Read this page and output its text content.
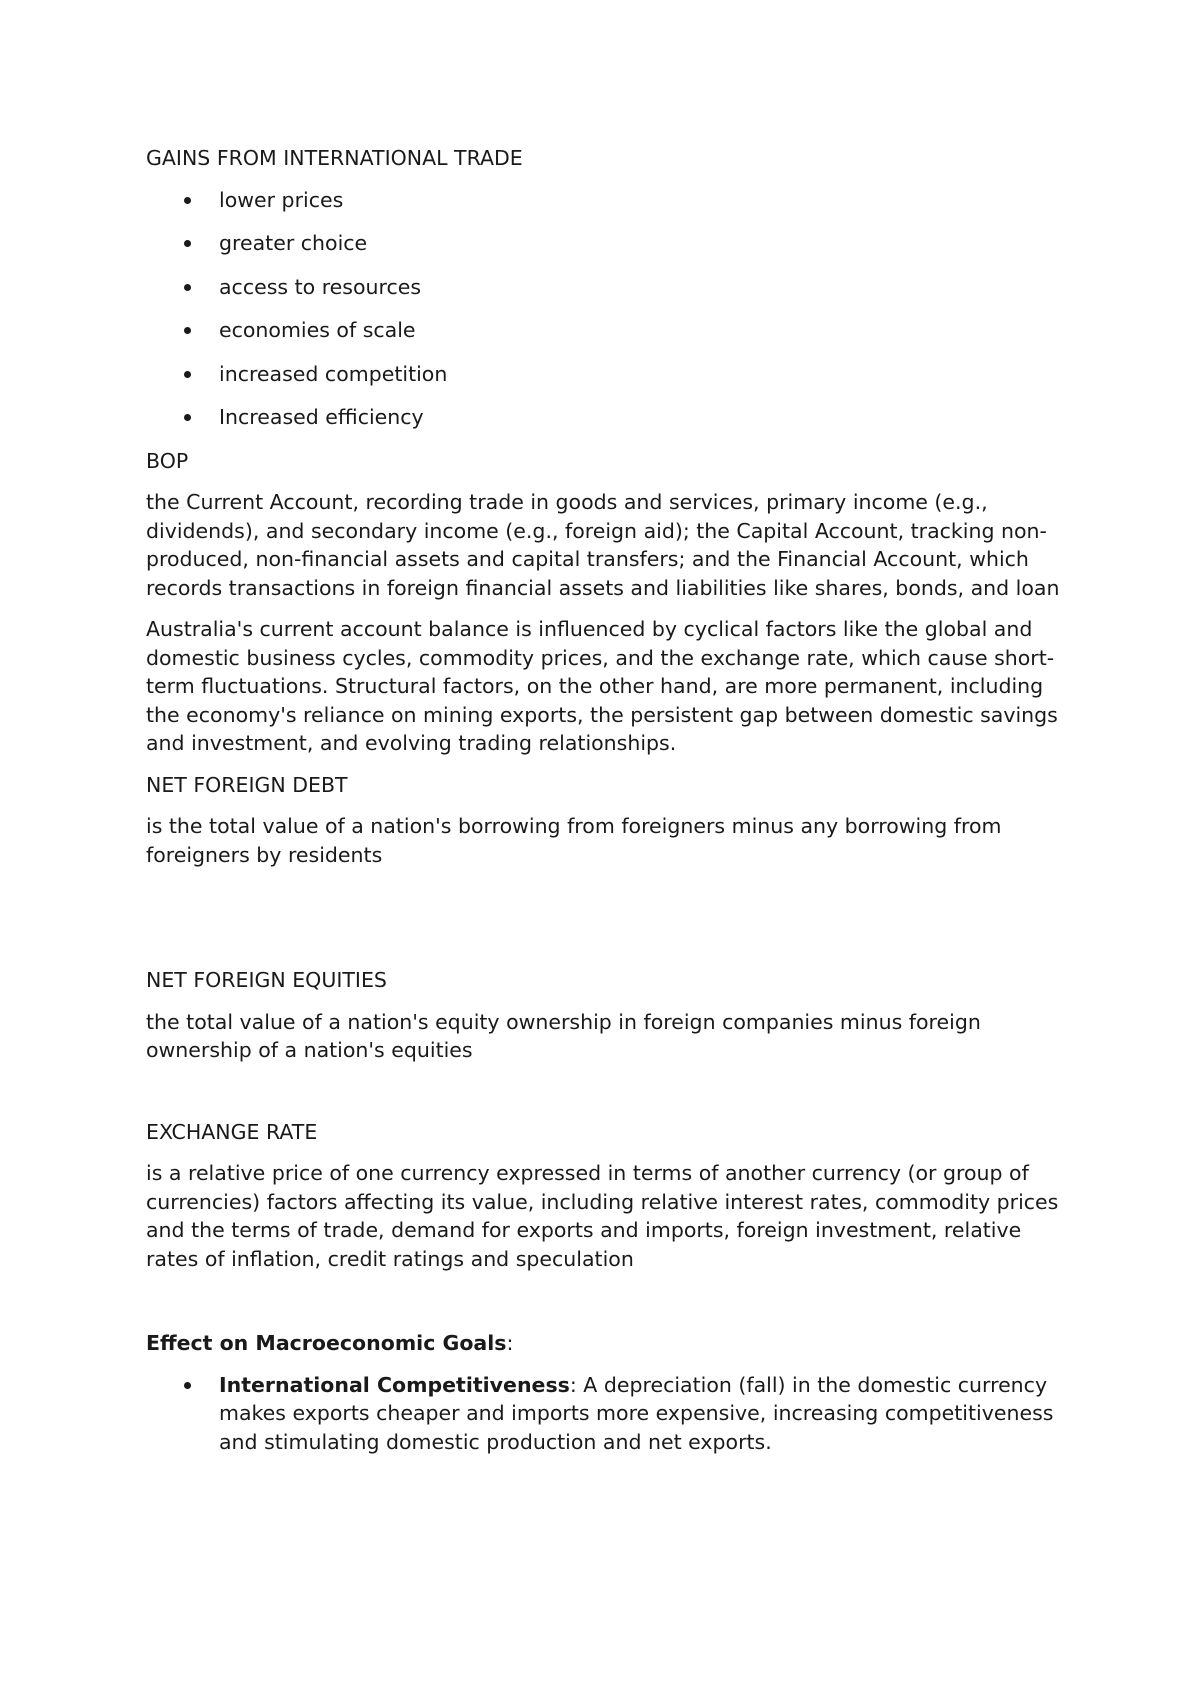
GAINS FROM INTERNATIONAL TRADE
lower prices
greater choice
access to resources
economies of scale
increased competition
Increased efficiency
BOP
the Current Account, recording trade in goods and services, primary income (e.g., dividends), and secondary income (e.g., foreign aid); the Capital Account, tracking non-produced, non-financial assets and capital transfers; and the Financial Account, which records transactions in foreign financial assets and liabilities like shares, bonds, and loan
Australia's current account balance is influenced by cyclical factors like the global and domestic business cycles, commodity prices, and the exchange rate, which cause short-term fluctuations. Structural factors, on the other hand, are more permanent, including the economy's reliance on mining exports, the persistent gap between domestic savings and investment, and evolving trading relationships.
NET FOREIGN DEBT
is the total value of a nation's borrowing from foreigners minus any borrowing from foreigners by residents
NET FOREIGN EQUITIES
the total value of a nation's equity ownership in foreign companies minus foreign ownership of a nation's equities
EXCHANGE RATE
is a relative price of one currency expressed in terms of another currency (or group of currencies) factors affecting its value, including relative interest rates, commodity prices and the terms of trade, demand for exports and imports, foreign investment, relative rates of inflation, credit ratings and speculation
Effect on Macroeconomic Goals:
International Competitiveness: A depreciation (fall) in the domestic currency makes exports cheaper and imports more expensive, increasing competitiveness and stimulating domestic production and net exports.
